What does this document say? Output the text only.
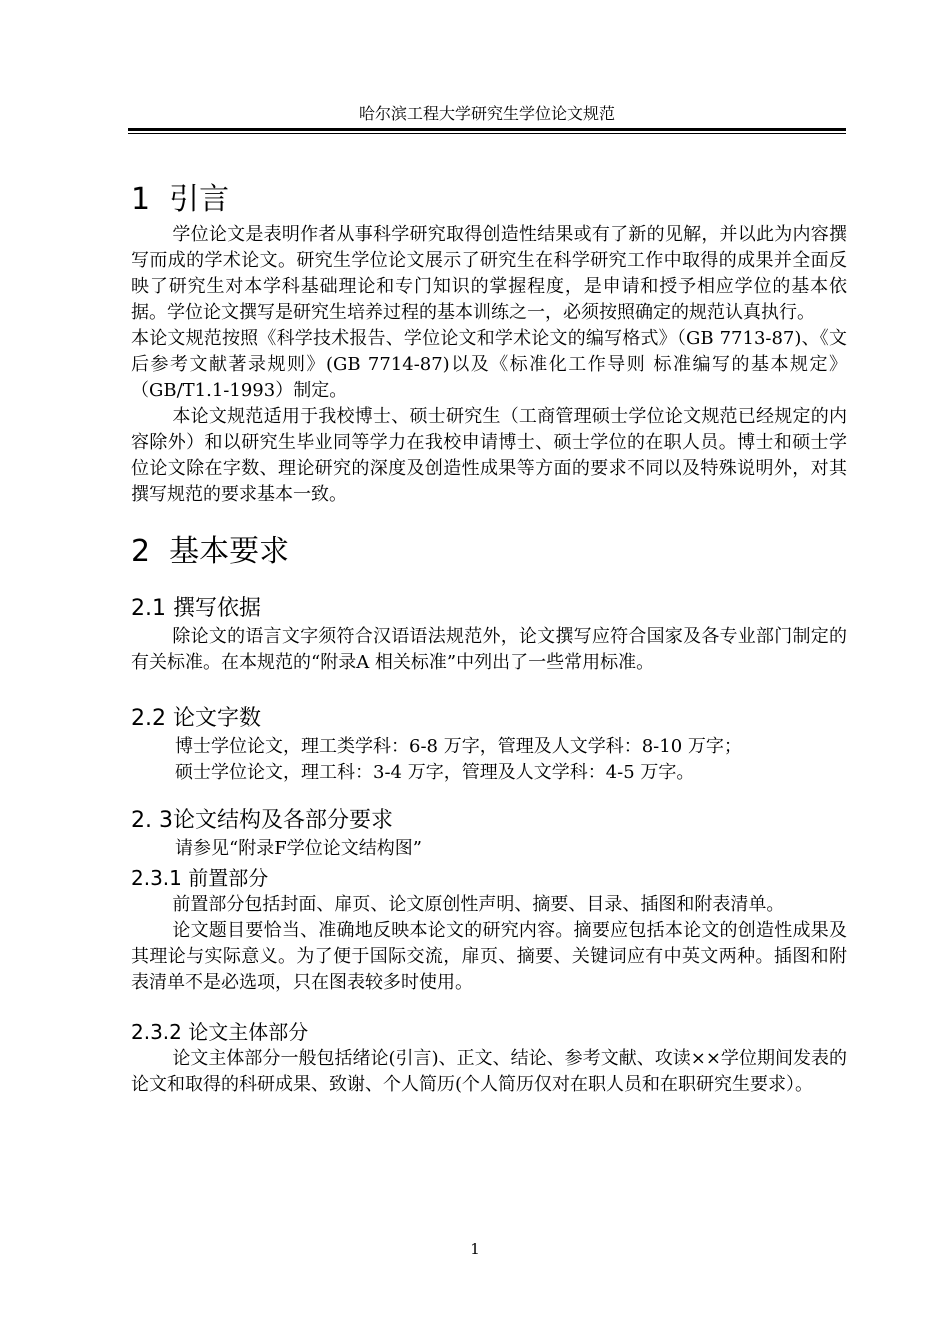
哈尔滨工程大学研究生学位论文规范
1  引言

学位论文是表明作者从事科学研究取得创造性结果或有了新的见解，并以此为内容撰写而成的学术论文。研究生学位论文展示了研究生在科学研究工作中取得的成果并全面反映了研究生对本学科基础理论和专门知识的掌握程度，是申请和授予相应学位的基本依据。学位论文撰写是研究生培养过程的基本训练之一，必须按照确定的规范认真执行。

本论文规范按照《科学技术报告、学位论文和学术论文的编写格式》（GB 7713-87)、《文后参考文献著录规则》(GB 7714-87)以及《标准化工作导则 标准编写的基本规定》（GB/T1.1-1993）制定。

本论文规范适用于我校博士、硕士研究生（工商管理硕士学位论文规范已经规定的内容除外）和以研究生毕业同等学力在我校申请博士、硕士学位的在职人员。博士和硕士学位论文除在字数、理论研究的深度及创造性成果等方面的要求不同以及特殊说明外，对其撰写规范的要求基本一致。

2  基本要求
2.1 撰写依据

除论文的语言文字须符合汉语语法规范外，论文撰写应符合国家及各专业部门制定的有关标准。在本规范的“附录A 相关标准”中列出了一些常用标准。

2.2 论文字数

博士学位论文，理工类学科：6-8 万字，管理及人文学科：8-10 万字；

硕士学位论文，理工科：3-4 万字，管理及人文学科：4-5 万字。

2. 3论文结构及各部分要求

请参见“附录F学位论文结构图”

2.3.1 前置部分

前置部分包括封面、扉页、论文原创性声明、摘要、目录、插图和附表清单。

论文题目要恰当、准确地反映本论文的研究内容。摘要应包括本论文的创造性成果及其理论与实际意义。为了便于国际交流，扉页、摘要、关键词应有中英文两种。插图和附表清单不是必选项，只在图表较多时使用。

2.3.2 论文主体部分

论文主体部分一般包括绪论(引言)、正文、结论、参考文献、攻读××学位期间发表的论文和取得的科研成果、致谢、个人简历(个人简历仅对在职人员和在职研究生要求）。

1
